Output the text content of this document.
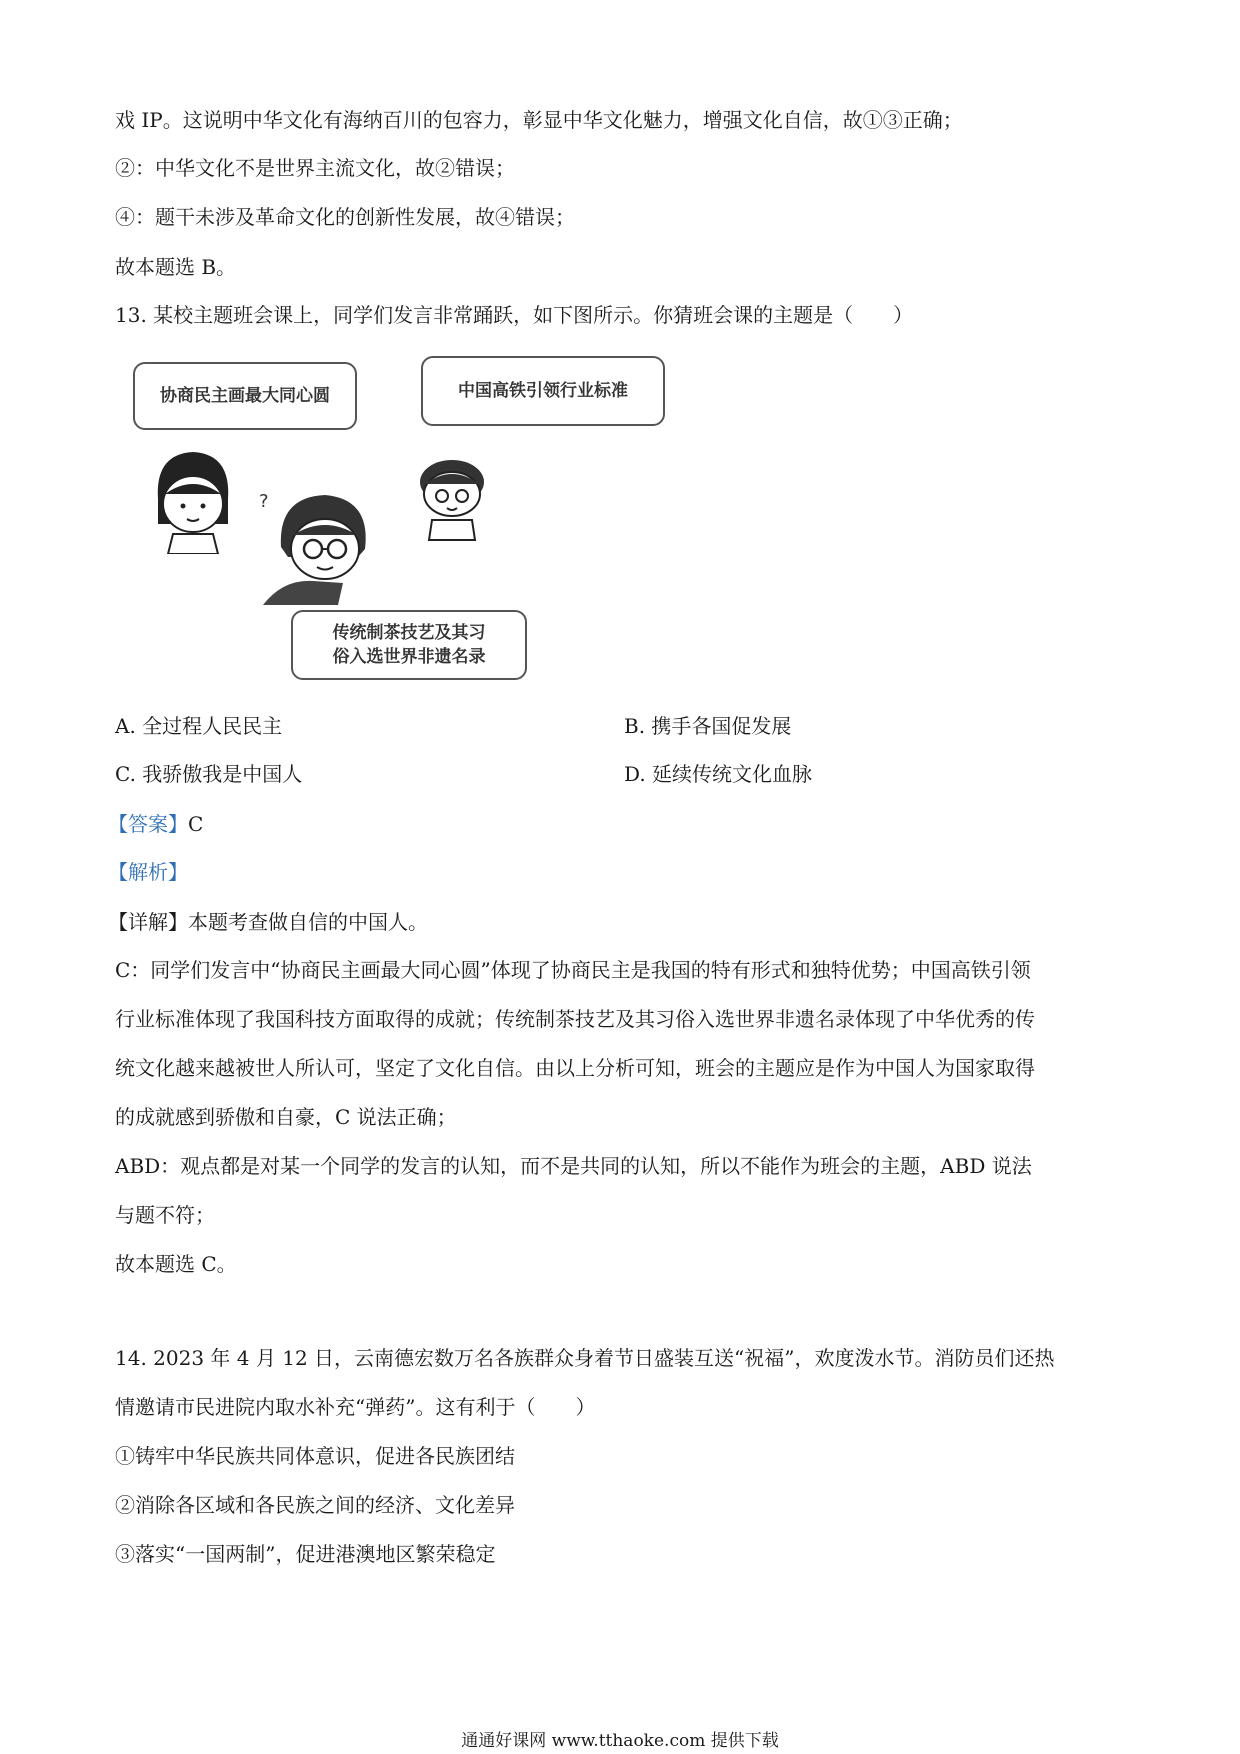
戏 IP。这说明中华文化有海纳百川的包容力，彰显中华文化魅力，增强文化自信，故①③正确；
②：中华文化不是世界主流文化，故②错误；
④：题干未涉及革命文化的创新性发展，故④错误；
故本题选 B。
13. 某校主题班会课上，同学们发言非常踊跃，如下图所示。你猜班会课的主题是（　　）
协商民主画最大同心圆	中国高铁引领行业标准
传统制茶技艺及其习
俗入选世界非遗名录
?
A. 全过程人民民主	B. 携手各国促发展
C. 我骄傲我是中国人	D. 延续传统文化血脉
【答案】C
【解析】
【详解】本题考查做自信的中国人。
C：同学们发言中“协商民主画最大同心圆”体现了协商民主是我国的特有形式和独特优势；中国高铁引领
行业标准体现了我国科技方面取得的成就；传统制茶技艺及其习俗入选世界非遗名录体现了中华优秀的传
统文化越来越被世人所认可，坚定了文化自信。由以上分析可知，班会的主题应是作为中国人为国家取得
的成就感到骄傲和自豪，C 说法正确；
ABD：观点都是对某一个同学的发言的认知，而不是共同的认知，所以不能作为班会的主题，ABD 说法
与题不符；
故本题选 C。
14. 2023 年 4 月 12 日，云南德宏数万名各族群众身着节日盛装互送“祝福”，欢度泼水节。消防员们还热
情邀请市民进院内取水补充“弹药”。这有利于（　　）
①铸牢中华民族共同体意识，促进各民族团结
②消除各区域和各民族之间的经济、文化差异
③落实“一国两制”，促进港澳地区繁荣稳定
通通好课网 www.tthaoke.com 提供下载
